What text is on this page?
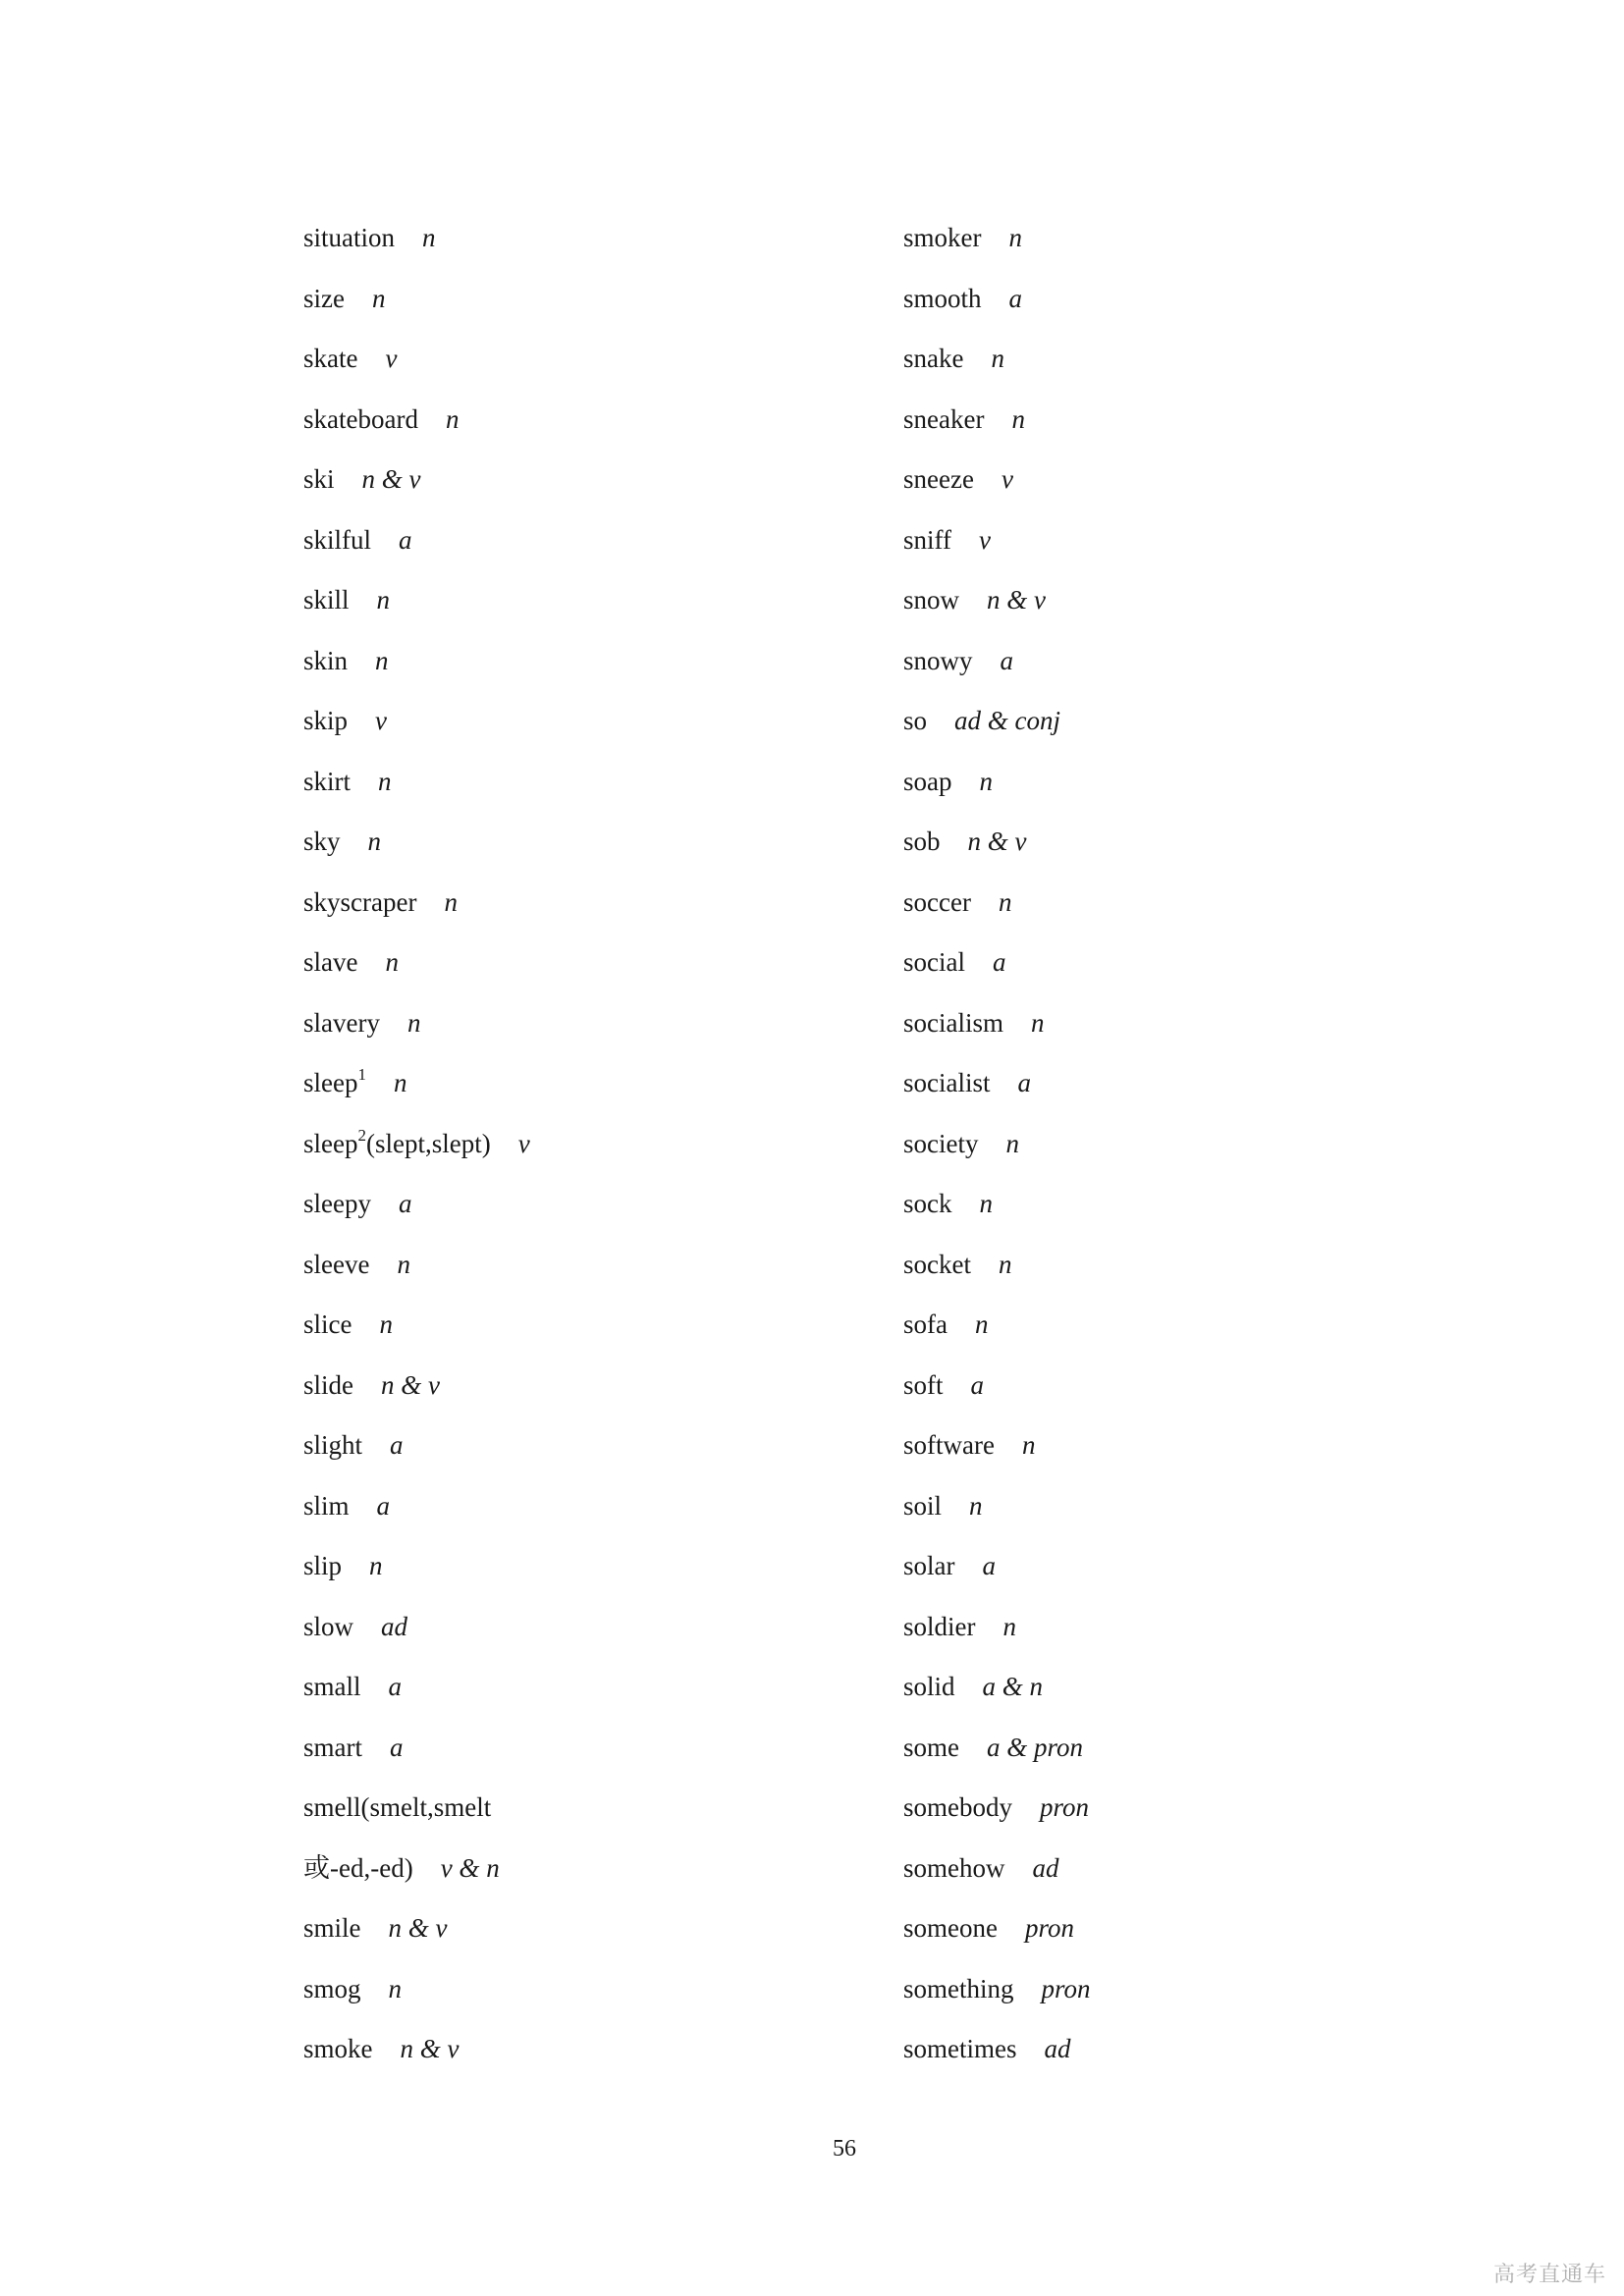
situation n
size n
skate v
skateboard n
ski n & v
skilful a
skill n
skin n
skip v
skirt n
sky n
skyscraper n
slave n
slavery n
sleep$^1$ n
sleep$^2$(slept,slept) v
sleepy a
sleeve n
slice n
slide n & v
slight a
slim a
slip n
slow ad
small a
smart a
smell(smelt,smelt
或-ed,-ed) v & n
smile n & v
smog n
smoke n & v
smoker n
smooth a
snake n
sneaker n
sneeze v
sniff v
snow n & v
snowy a
so ad & conj
soap n
sob n & v
soccer n
social a
socialism n
socialist a
society n
sock n
socket n
sofa n
soft a
software n
soil n
solar a
soldier n
solid a & n
some a & pron
somebody pron
somehow ad
someone pron
something pron
sometimes ad
56
高考直通车
